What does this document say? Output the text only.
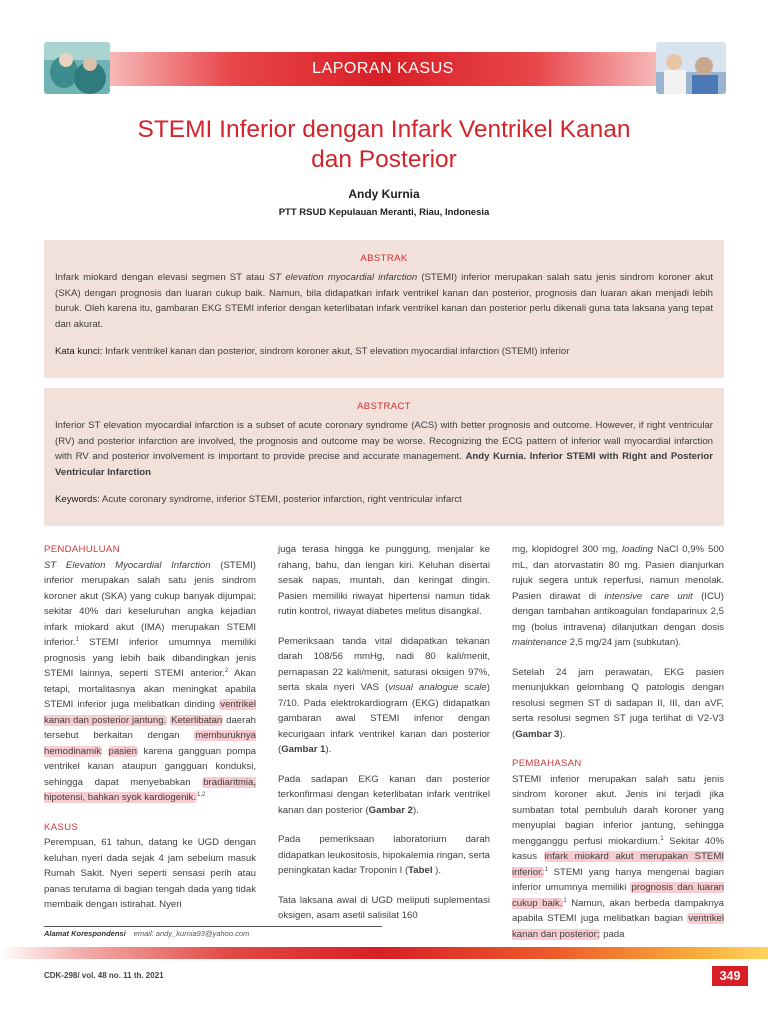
LAPORAN KASUS
STEMI Inferior dengan Infark Ventrikel Kanan
dan Posterior
Andy Kurnia
PTT RSUD Kepulauan Meranti, Riau, Indonesia
ABSTRAK
Infark miokard dengan elevasi segmen ST atau ST elevation myocardial infarction (STEMI) inferior merupakan salah satu jenis sindrom koroner akut (SKA) dengan prognosis dan luaran cukup baik. Namun, bila didapatkan infark ventrikel kanan dan posterior, prognosis dan luaran akan menjadi lebih buruk. Oleh karena itu, gambaran EKG STEMI inferior dengan keterlibatan infark ventrikel kanan dan posterior perlu dikenali guna tata laksana yang tepat dan akurat.
Kata kunci: Infark ventrikel kanan dan posterior, sindrom koroner akut, ST elevation myocardial infarction (STEMI) inferior
ABSTRACT
Inferior ST elevation myocardial infarction is a subset of acute coronary syndrome (ACS) with better prognosis and outcome. However, if right ventricular (RV) and posterior infarction are involved, the prognosis and outcome may be worse. Recognizing the ECG pattern of inferior wall myocardial infarction with RV and posterior involvement is important to provide precise and accurate management. Andy Kurnia. Inferior STEMI with Right and Posterior Ventricular Infarction
Keywords: Acute coronary syndrome, inferior STEMI, posterior infarction, right ventricular infarct
PENDAHULUAN

ST Elevation Myocardial Infarction (STEMI) inferior merupakan salah satu jenis sindrom koroner akut (SKA) yang cukup banyak dijumpai; sekitar 40% dari keseluruhan angka kejadian infark miokard akut (IMA) merupakan STEMI inferior.$^1$ STEMI inferior umumnya memiliki prognosis yang lebih baik dibandingkan jenis STEMI lainnya, seperti STEMI anterior.$^2$ Akan tetapi, mortalitasnya akan meningkat apabila STEMI inferior juga melibatkan dinding ventrikel kanan dan posterior jantung. Keterlibatan daerah tersebut berkaitan dengan memburuknya hemodinamik pasien karena gangguan pompa ventrikel kanan ataupun gangguan konduksi, sehingga dapat menyebabkan bradiaritmia, hipotensi, bahkan syok kardiogenik.$^{1,2}$

KASUS

Perempuan, 61 tahun, datang ke UGD dengan keluhan nyeri dada sejak 4 jam sebelum masuk Rumah Sakit. Nyeri seperti sensasi perih atau panas terutama di bagian tengah dada yang tidak membaik dengan istirahat. Nyeri

juga terasa hingga ke punggung, menjalar ke rahang, bahu, dan lengan kiri. Keluhan disertai sesak napas, muntah, dan keringat dingin. Pasien memiliki riwayat hipertensi namun tidak rutin kontrol, riwayat diabetes melitus disangkal.

Pemeriksaan tanda vital didapatkan tekanan darah 108/56 mmHg, nadi 80 kali/menit, pernapasan 22 kali/menit, saturasi oksigen 97%, serta skala nyeri VAS (visual analogue scale) 7/10. Pada elektrokardiogram (EKG) didapatkan gambaran awal STEMI inferior dengan kecurigaan infark ventrikel kanan dan posterior (Gambar 1).

Pada sadapan EKG kanan dan posterior terkonfirmasi dengan keterlibatan infark ventrikel kanan dan posterior (Gambar 2).

Pada pemeriksaan laboratorium darah didapatkan leukositosis, hipokalemia ringan, serta peningkatan kadar Troponin I (Tabel ).

Tata laksana awal di UGD meliputi suplementasi oksigen, asam asetil salisilat 160

mg, klopidogrel 300 mg, loading NaCl 0,9% 500 mL, dan atorvastatin 80 mg. Pasien dianjurkan rujuk segera untuk reperfusi, namun menolak. Pasien dirawat di intensive care unit (ICU) dengan tambahan antikoagulan fondaparinux 2,5 mg (bolus intravena) dilanjutkan dengan dosis maintenance 2,5 mg/24 jam (subkutan).

Setelah 24 jam perawatan, EKG pasien menunjukkan gelombang Q patologis dengan resolusi segmen ST di sadapan II, III, dan aVF, serta resolusi segmen ST juga terlihat di V2-V3 (Gambar 3).

PEMBAHASAN

STEMI inferior merupakan salah satu jenis sindrom koroner akut. Jenis ini terjadi jika sumbatan total pembuluh darah koroner yang menyuplai bagian inferior jantung, sehingga mengganggu perfusi miokardium.$^1$ Sekitar 40% kasus infark miokard akut merupakan STEMI inferior.$^1$ STEMI yang hanya mengenai bagian inferior umumnya memiliki prognosis dan luaran cukup baik.$^1$ Namun, akan berbeda dampaknya apabila STEMI juga melibatkan bagian ventrikel kanan dan posterior; pada

Alamat Korespondensi email: andy_kurnia93@yahoo.com
CDK-298/ vol. 48 no. 11 th. 2021	349
